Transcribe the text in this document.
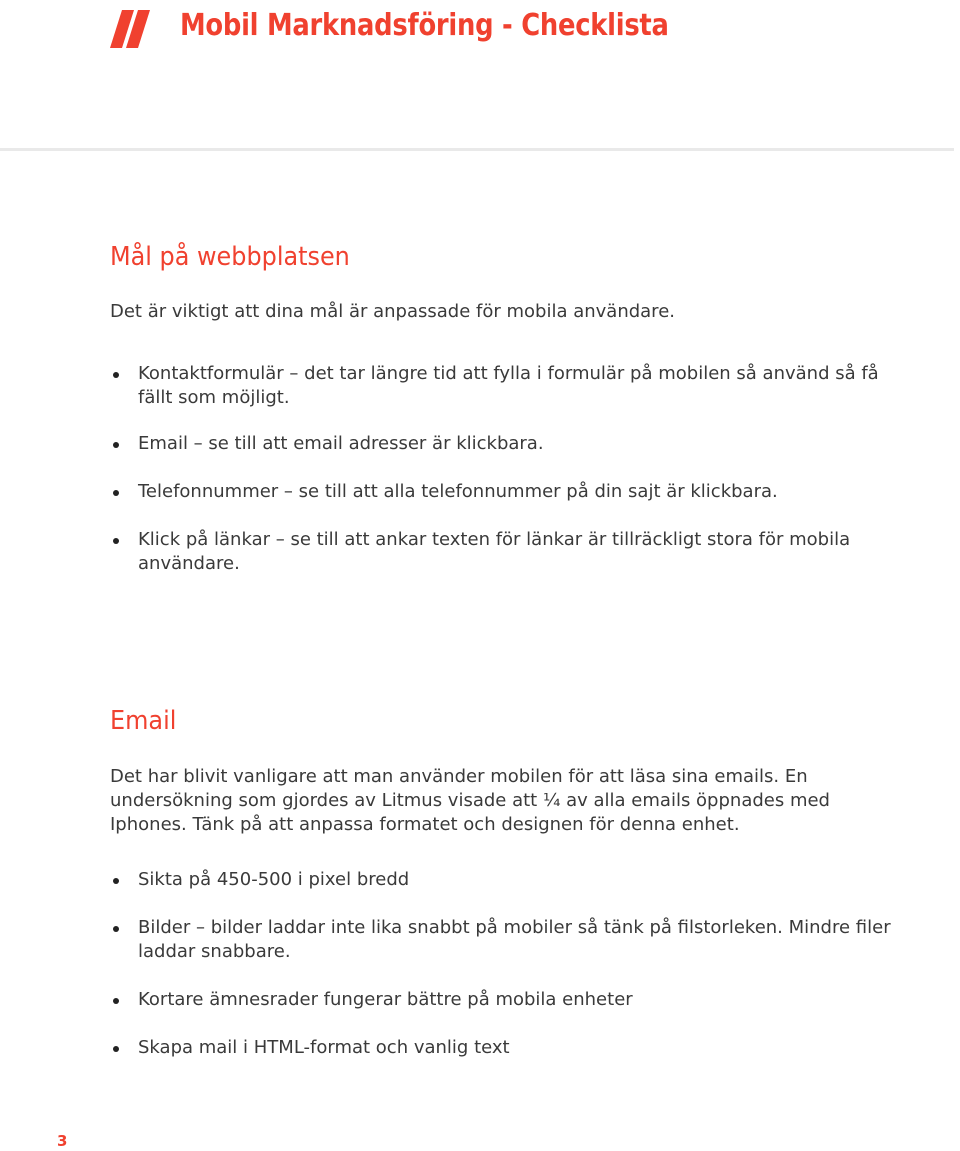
Mobil Marknadsföring - Checklista
Mål på webbplatsen

Det är viktigt att dina mål är anpassade för mobila användare.

Kontaktformulär – det tar längre tid att fylla i formulär på mobilen så använd så få fällt som möjligt.
Email – se till att email adresser är klickbara.
Telefonnummer – se till att alla telefonnummer på din sajt är klickbara.
Klick på länkar – se till att ankar texten för länkar är tillräckligt stora för mobila användare.
Email

Det har blivit vanligare att man använder mobilen för att läsa sina emails. En undersökning som gjordes av Litmus visade att ¼ av alla emails öppnades med Iphones. Tänk på att anpassa formatet och designen för denna enhet.

Sikta på 450-500 i pixel bredd
Bilder – bilder laddar inte lika snabbt på mobiler så tänk på filstorleken. Mindre filer laddar snabbare.
Kortare ämnesrader fungerar bättre på mobila enheter
Skapa mail i HTML-format och vanlig text
3
